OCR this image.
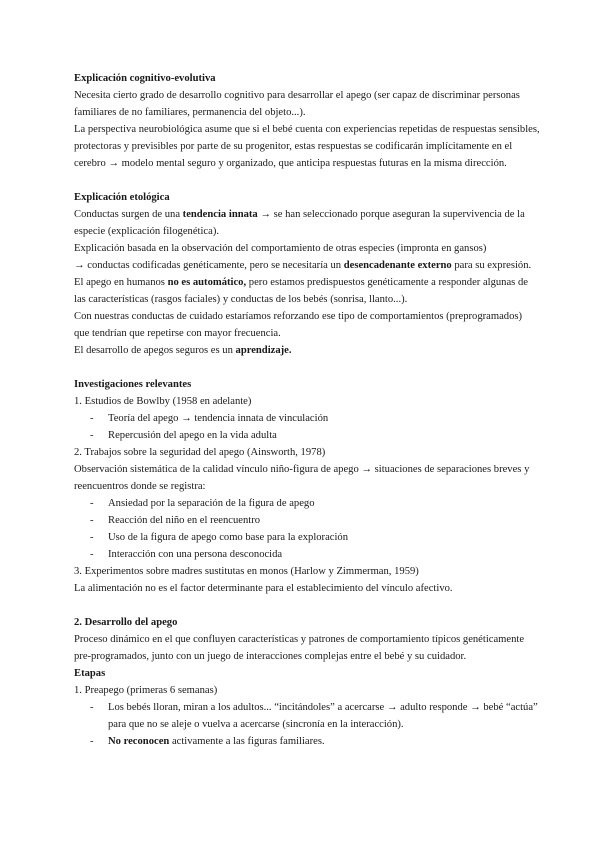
Explicación cognitivo-evolutiva
Necesita cierto grado de desarrollo cognitivo para desarrollar el apego (ser capaz de discriminar personas
familiares de no familiares, permanencia del objeto...).
La perspectiva neurobiológica asume que si el bebé cuenta con experiencias repetidas de respuestas sensibles,
protectoras y previsibles por parte de su progenitor, estas respuestas se codificarán implícitamente en el
cerebro → modelo mental seguro y organizado, que anticipa respuestas futuras en la misma dirección.
Explicación etológica
Conductas surgen de una tendencia innata → se han seleccionado porque aseguran la supervivencia de la
especie (explicación filogenética).
Explicación basada en la observación del comportamiento de otras especies (impronta en gansos)
→ conductas codificadas genéticamente, pero se necesitaría un desencadenante externo para su expresión.
El apego en humanos no es automático, pero estamos predispuestos genéticamente a responder algunas de
las características (rasgos faciales) y conductas de los bebés (sonrisa, llanto...).
Con nuestras conductas de cuidado estaríamos reforzando ese tipo de comportamientos (preprogramados)
que tendrían que repetirse con mayor frecuencia.
El desarrollo de apegos seguros es un aprendizaje.
Investigaciones relevantes
1. Estudios de Bowlby (1958 en adelante)
- Teoría del apego → tendencia innata de vinculación
- Repercusión del apego en la vida adulta
2. Trabajos sobre la seguridad del apego (Ainsworth, 1978)
Observación sistemática de la calidad vínculo niño-figura de apego → situaciones de separaciones breves y
reencuentros donde se registra:
- Ansiedad por la separación de la figura de apego
- Reacción del niño en el reencuentro
- Uso de la figura de apego como base para la exploración
- Interacción con una persona desconocida
3. Experimentos sobre madres sustitutas en monos (Harlow y Zimmerman, 1959)
La alimentación no es el factor determinante para el establecimiento del vínculo afectivo.
2. Desarrollo del apego
Proceso dinámico en el que confluyen características y patrones de comportamiento típicos genéticamente
pre-programados, junto con un juego de interacciones complejas entre el bebé y su cuidador.
Etapas
1. Preapego (primeras 6 semanas)
- Los bebés lloran, miran a los adultos... “incitándoles” a acercarse → adulto responde → bebé “actúa”
para que no se aleje o vuelva a acercarse (sincronía en la interacción).
- No reconocen activamente a las figuras familiares.
